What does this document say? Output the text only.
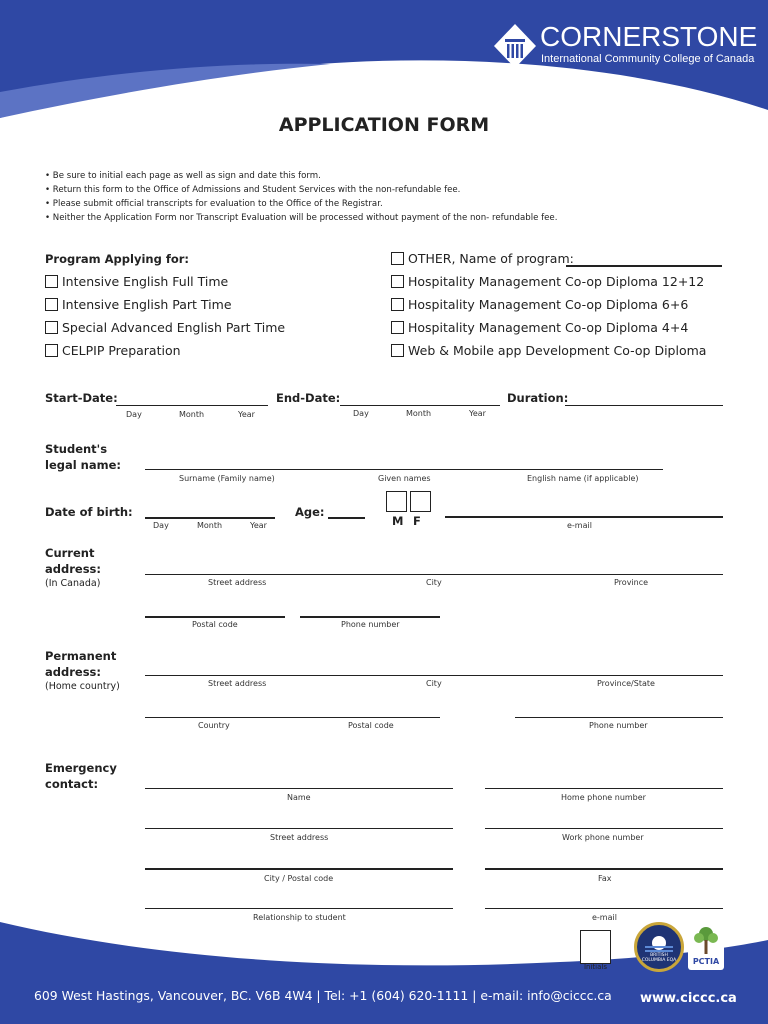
CORNERSTONE
International Community College of Canada
APPLICATION FORM
• Be sure to initial each page as well as sign and date this form.
• Return this form to the Office of Admissions and Student Services with the non-refundable fee.
• Please submit official transcripts for evaluation to the Office of the Registrar.
• Neither the Application Form nor Transcript Evaluation will be processed without payment of the non- refundable fee.
Program Applying for:
Intensive English Full Time
Intensive English Part Time
Special Advanced English Part Time
CELPIP Preparation
OTHER, Name of program:
Hospitality Management Co-op Diploma 12+12
Hospitality Management Co-op Diploma 6+6
Hospitality Management Co-op Diploma 4+4
Web & Mobile app Development Co-op Diploma
Start-Date:
Day	Month	Year
End-Date:
Day	Month	Year
Duration:
Student's legal name:
Surname (Family name)	Given names	English name (if applicable)
Date of birth:
Day	Month	Year
Age:
M F	e-mail
Current address:
(In Canada)	Street address	City	Province
Postal code	Phone number
Permanent address:
(Home country)	Street address	City	Province/State
Country	Postal code	Phone number
Emergency contact:
Name	Home phone number
Street address	Work phone number
City / Postal code	Fax
Relationship to student	e-mail
Initials
BRITISH COLUMBIA EQA	PCTIA
609 West Hastings, Vancouver, BC. V6B 4W4 | Tel: +1 (604) 620-1111 | e-mail: info@ciccc.ca www.ciccc.ca
